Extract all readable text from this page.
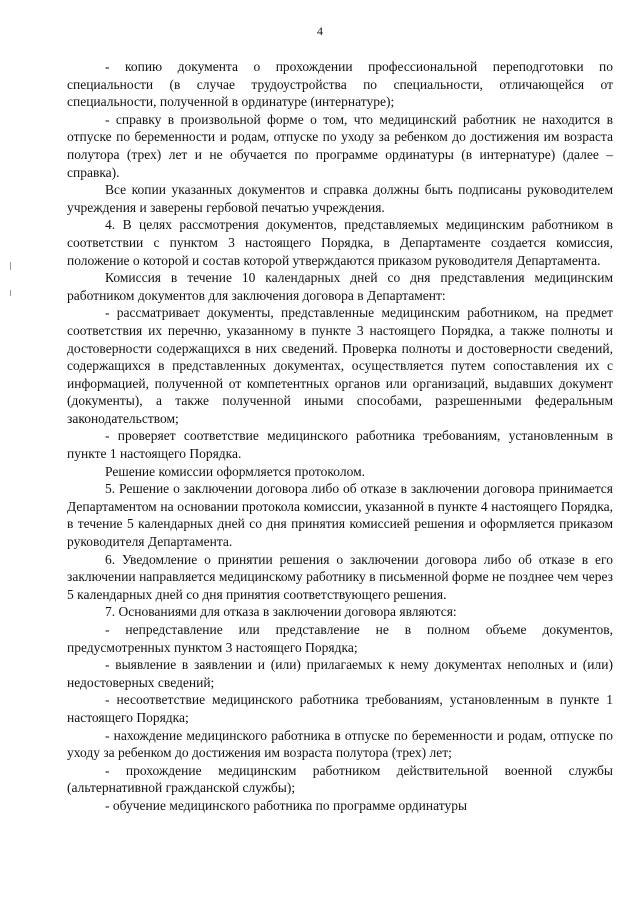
4

- копию документа о прохождении профессиональной переподготовки по специальности (в случае трудоустройства по специальности, отличающейся от специальности, полученной в ординатуре (интернатуре);

- справку в произвольной форме о том, что медицинский работник не находится в отпуске по беременности и родам, отпуске по уходу за ребенком до достижения им возраста полутора (трех) лет и не обучается по программе ординатуры (в интернатуре) (далее – справка).

Все копии указанных документов и справка должны быть подписаны руководителем учреждения и заверены гербовой печатью учреждения.

4. В целях рассмотрения документов, представляемых медицинским работником в соответствии с пунктом 3 настоящего Порядка, в Департаменте создается комиссия, положение о которой и состав которой утверждаются приказом руководителя Департамента.

Комиссия в течение 10 календарных дней со дня представления медицинским работником документов для заключения договора в Департамент:

- рассматривает документы, представленные медицинским работником, на предмет соответствия их перечню, указанному в пункте 3 настоящего Порядка, а также полноты и достоверности содержащихся в них сведений. Проверка полноты и достоверности сведений, содержащихся в представленных документах, осуществляется путем сопоставления их с информацией, полученной от компетентных органов или организаций, выдавших документ (документы), а также полученной иными способами, разрешенными федеральным законодательством;

- проверяет соответствие медицинского работника требованиям, установленным в пункте 1 настоящего Порядка.

Решение комиссии оформляется протоколом.

5. Решение о заключении договора либо об отказе в заключении договора принимается Департаментом на основании протокола комиссии, указанной в пункте 4 настоящего Порядка, в течение 5 календарных дней со дня принятия комиссией решения и оформляется приказом руководителя Департамента.

6. Уведомление о принятии решения о заключении договора либо об отказе в его заключении направляется медицинскому работнику в письменной форме не позднее чем через 5 календарных дней со дня принятия соответствующего решения.

7. Основаниями для отказа в заключении договора являются:

- непредставление или представление не в полном объеме документов, предусмотренных пунктом 3 настоящего Порядка;

- выявление в заявлении и (или) прилагаемых к нему документах неполных и (или) недостоверных сведений;

- несоответствие медицинского работника требованиям, установленным в пункте 1 настоящего Порядка;

- нахождение медицинского работника в отпуске по беременности и родам, отпуске по уходу за ребенком до достижения им возраста полутора (трех) лет;

- прохождение медицинским работником действительной военной службы (альтернативной гражданской службы);

- обучение медицинского работника по программе ординатуры
